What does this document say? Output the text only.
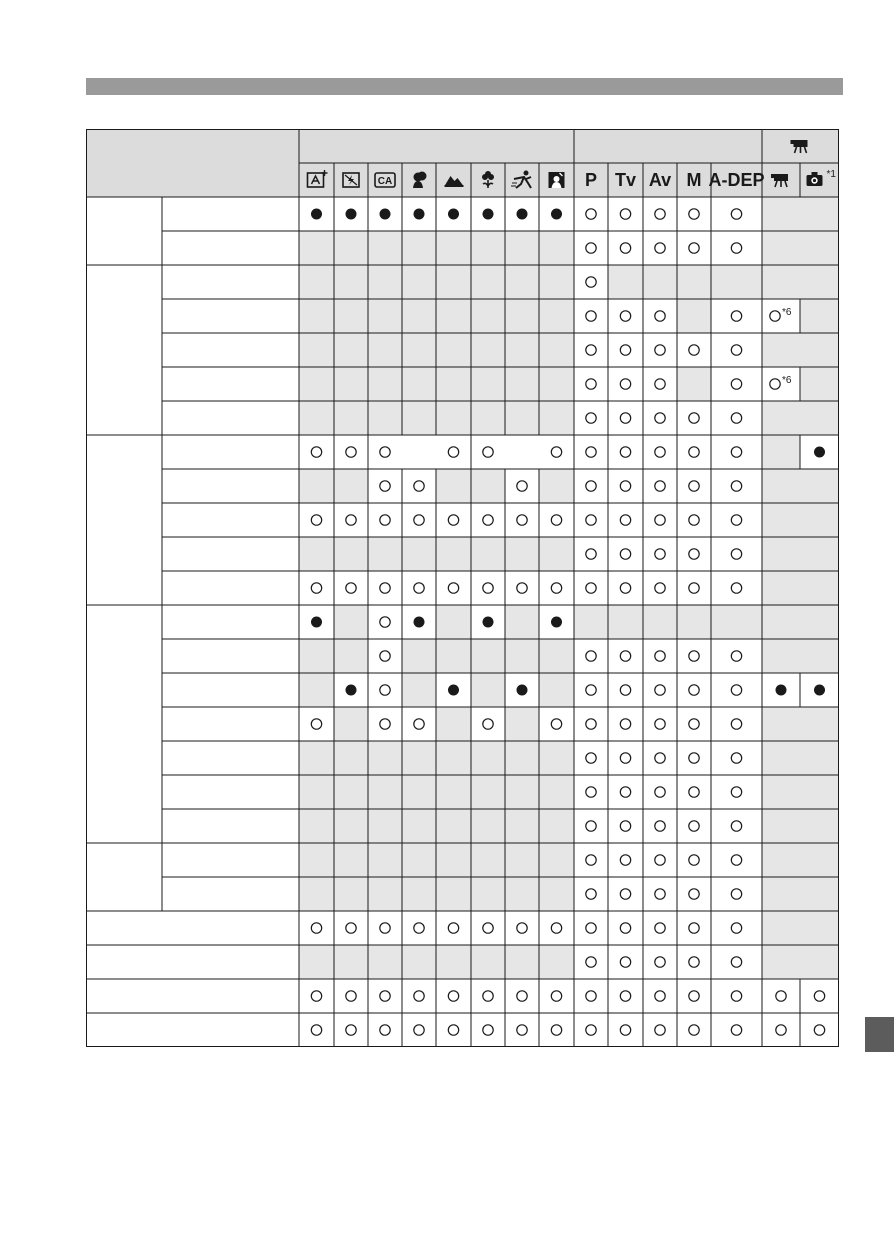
*6
*6
CA	P Tv Av M A-DEP	*1
